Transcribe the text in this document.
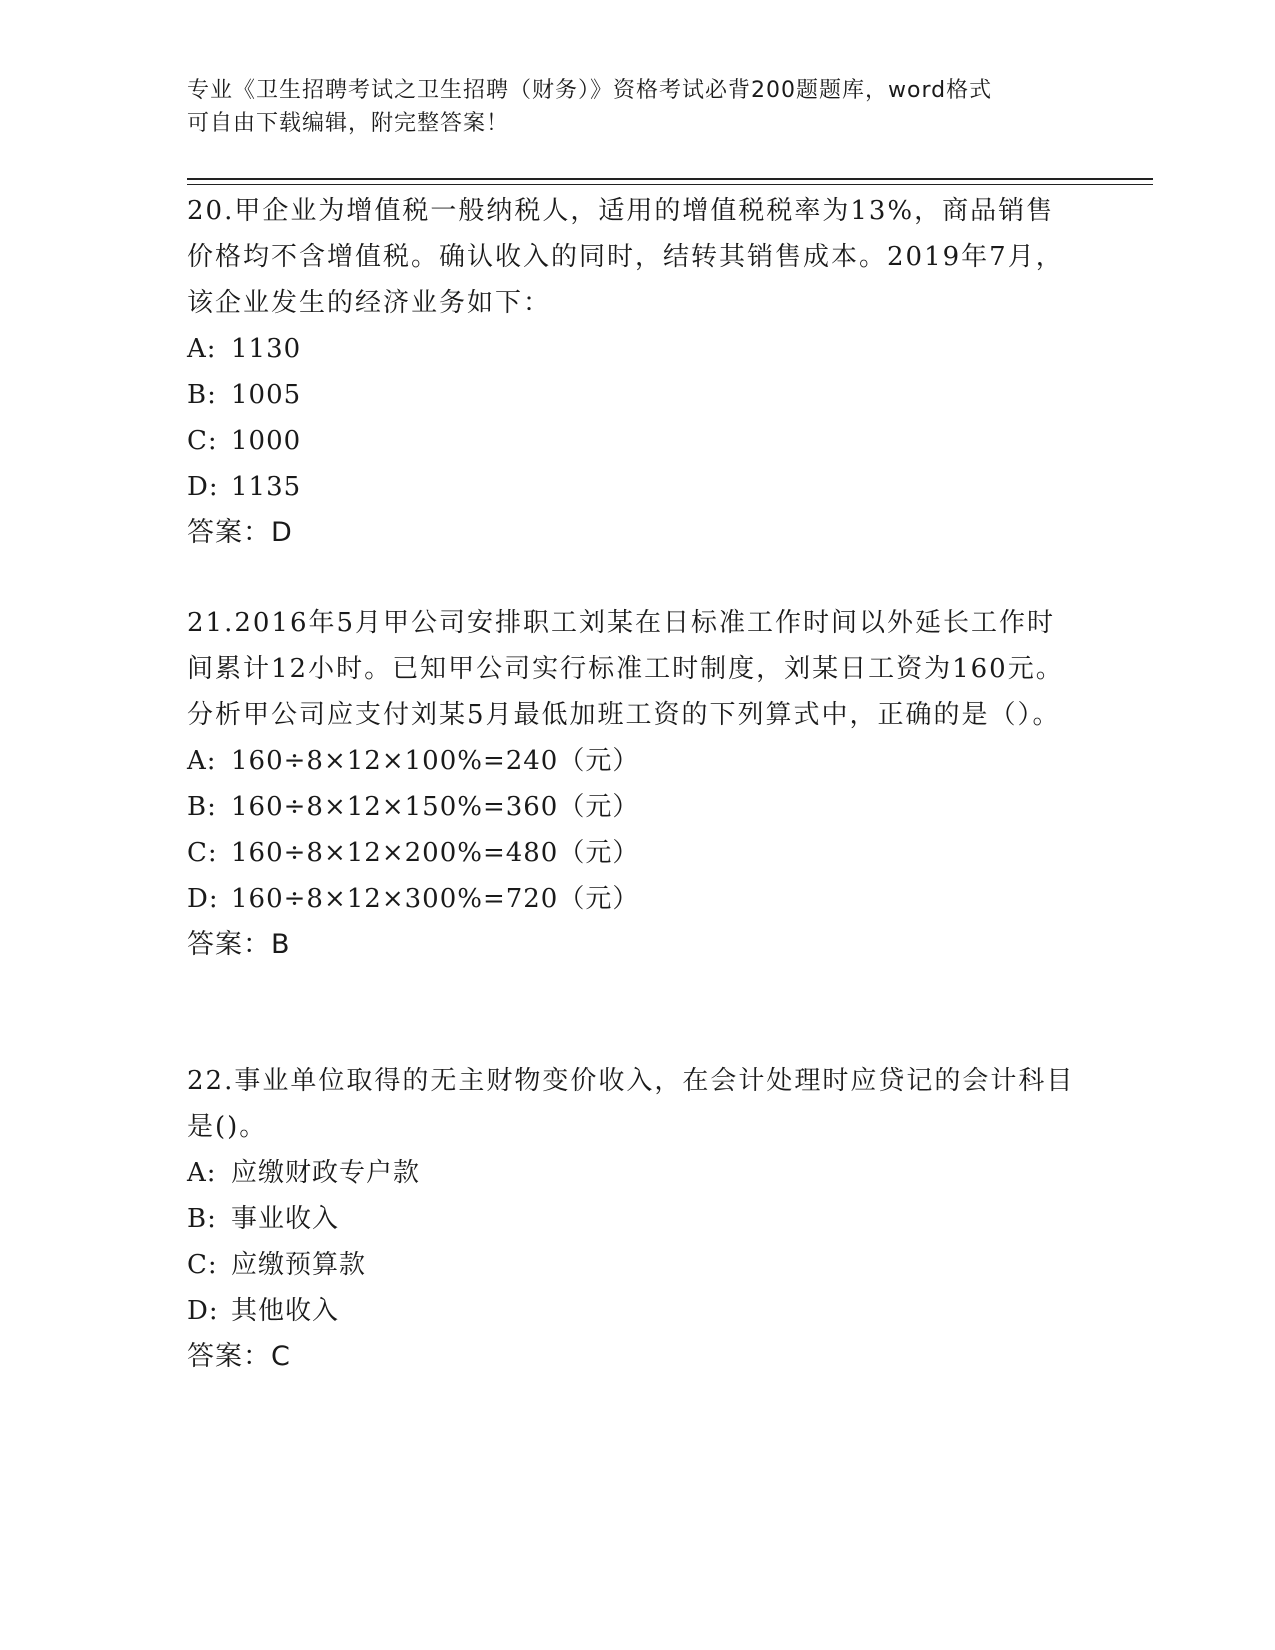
专业《卫生招聘考试之卫生招聘（财务）》资格考试必背200题题库，word格式
可自由下载编辑，附完整答案！

20.甲企业为增值税一般纳税人，适用的增值税税率为13%，商品销售价格均不含增值税。确认收入的同时，结转其销售成本。2019年7月，该企业发生的经济业务如下：

A: 1130

B: 1005

C: 1000

D: 1135

答案：D

21.2016年5月甲公司安排职工刘某在日标准工作时间以外延长工作时间累计12小时。已知甲公司实行标准工时制度，刘某日工资为160元。分析甲公司应支付刘某5月最低加班工资的下列算式中，正确的是（）。

A: 160÷8×12×100%=240（元）

B: 160÷8×12×150%=360（元）

C: 160÷8×12×200%=480（元）

D: 160÷8×12×300%=720（元）

答案：B

22.事业单位取得的无主财物变价收入，在会计处理时应贷记的会计科目是()。

A: 应缴财政专户款

B: 事业收入

C: 应缴预算款

D: 其他收入

答案：C
